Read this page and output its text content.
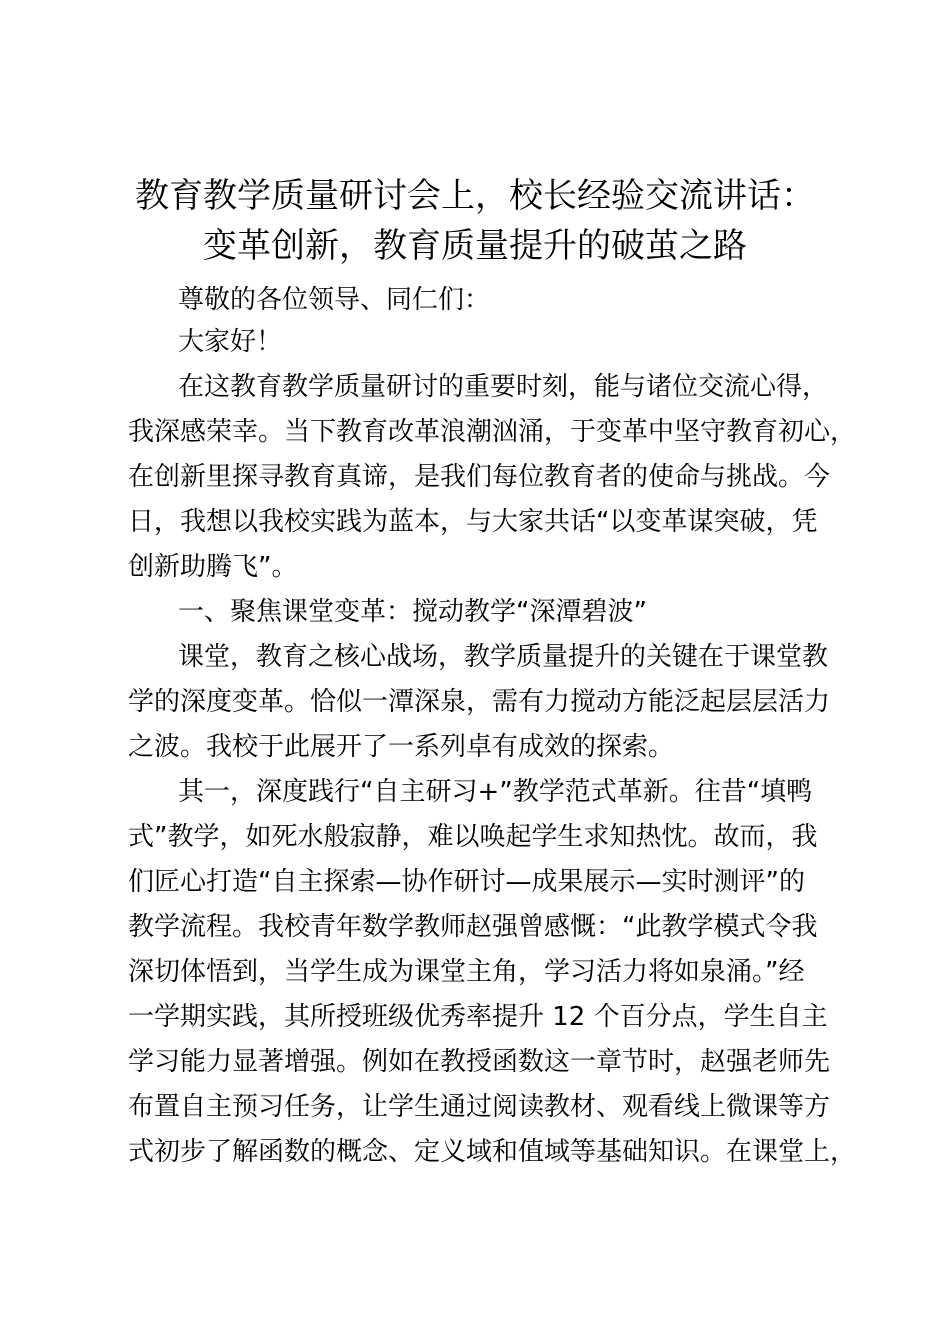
教育教学质量研讨会上，校长经验交流讲话：
变革创新，教育质量提升的破茧之路
尊敬的各位领导、同仁们：
大家好！
在这教育教学质量研讨的重要时刻，能与诸位交流心得，
我深感荣幸。当下教育改革浪潮汹涌，于变革中坚守教育初心，
在创新里探寻教育真谛，是我们每位教育者的使命与挑战。今
日，我想以我校实践为蓝本，与大家共话“以变革谋突破，凭
创新助腾飞”。
一、聚焦课堂变革：搅动教学“深潭碧波”
课堂，教育之核心战场，教学质量提升的关键在于课堂教
学的深度变革。恰似一潭深泉，需有力搅动方能泛起层层活力
之波。我校于此展开了一系列卓有成效的探索。
其一，深度践行“自主研习+”教学范式革新。往昔“填鸭
式”教学，如死水般寂静，难以唤起学生求知热忱。故而，我
们匠心打造“自主探索—协作研讨—成果展示—实时测评”的
教学流程。我校青年数学教师赵强曾感慨：“此教学模式令我
深切体悟到，当学生成为课堂主角，学习活力将如泉涌。”经
一学期实践，其所授班级优秀率提升 12 个百分点，学生自主
学习能力显著增强。例如在教授函数这一章节时，赵强老师先
布置自主预习任务，让学生通过阅读教材、观看线上微课等方
式初步了解函数的概念、定义域和值域等基础知识。在课堂上，
